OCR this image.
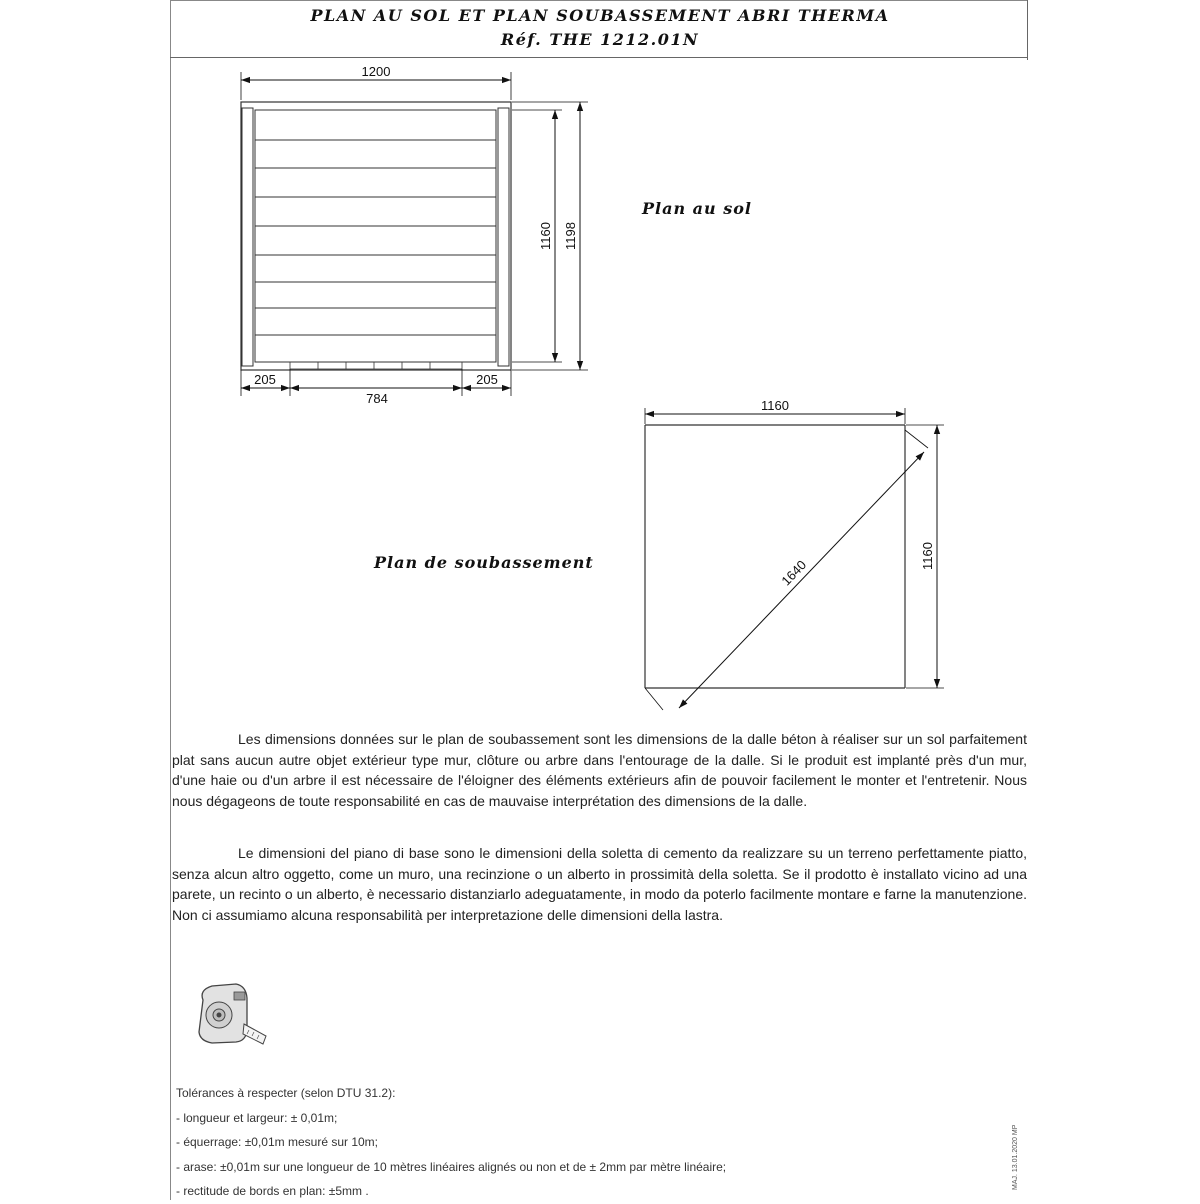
PLAN AU SOL ET PLAN SOUBASSEMENT ABRI THERMA
Réf. THE 1212.01N
1200
1160 1198
205
784
205
Plan au sol
1160
1160
1640
Plan de soubassement

Les dimensions données sur le plan de soubassement sont les dimensions de la dalle béton à réaliser sur un sol parfaitement plat sans aucun autre objet extérieur type mur, clôture ou arbre dans l'entourage de la dalle. Si le produit est implanté près d'un mur, d'une haie ou d'un arbre il est nécessaire de l'éloigner des éléments extérieurs afin de pouvoir facilement le monter et l'entretenir. Nous nous dégageons de toute responsabilité en cas de mauvaise interprétation des dimensions de la dalle.

Le dimensioni del piano di base sono le dimensioni della soletta di cemento da realizzare su un terreno perfettamente piatto, senza alcun altro oggetto, come un muro, una recinzione o un alberto in prossimità della soletta. Se il prodotto è installato vicino ad una parete, un recinto o un alberto, è necessario distanziarlo adeguatamente, in modo da poterlo facilmente montare e farne la manutenzione. Non ci assumiamo alcuna responsabilità per interpretazione delle dimensioni della lastra.

Tolérances à respecter (selon DTU 31.2):
- longueur et largeur: ± 0,01m;
- équerrage: ±0,01m mesuré sur 10m;
- arase: ±0,01m sur une longueur de 10 mètres linéaires alignés ou non et de ± 2mm par mètre linéaire;
- rectitude de bords en plan: ±5mm .
MAJ. 13.01.2020 MP
